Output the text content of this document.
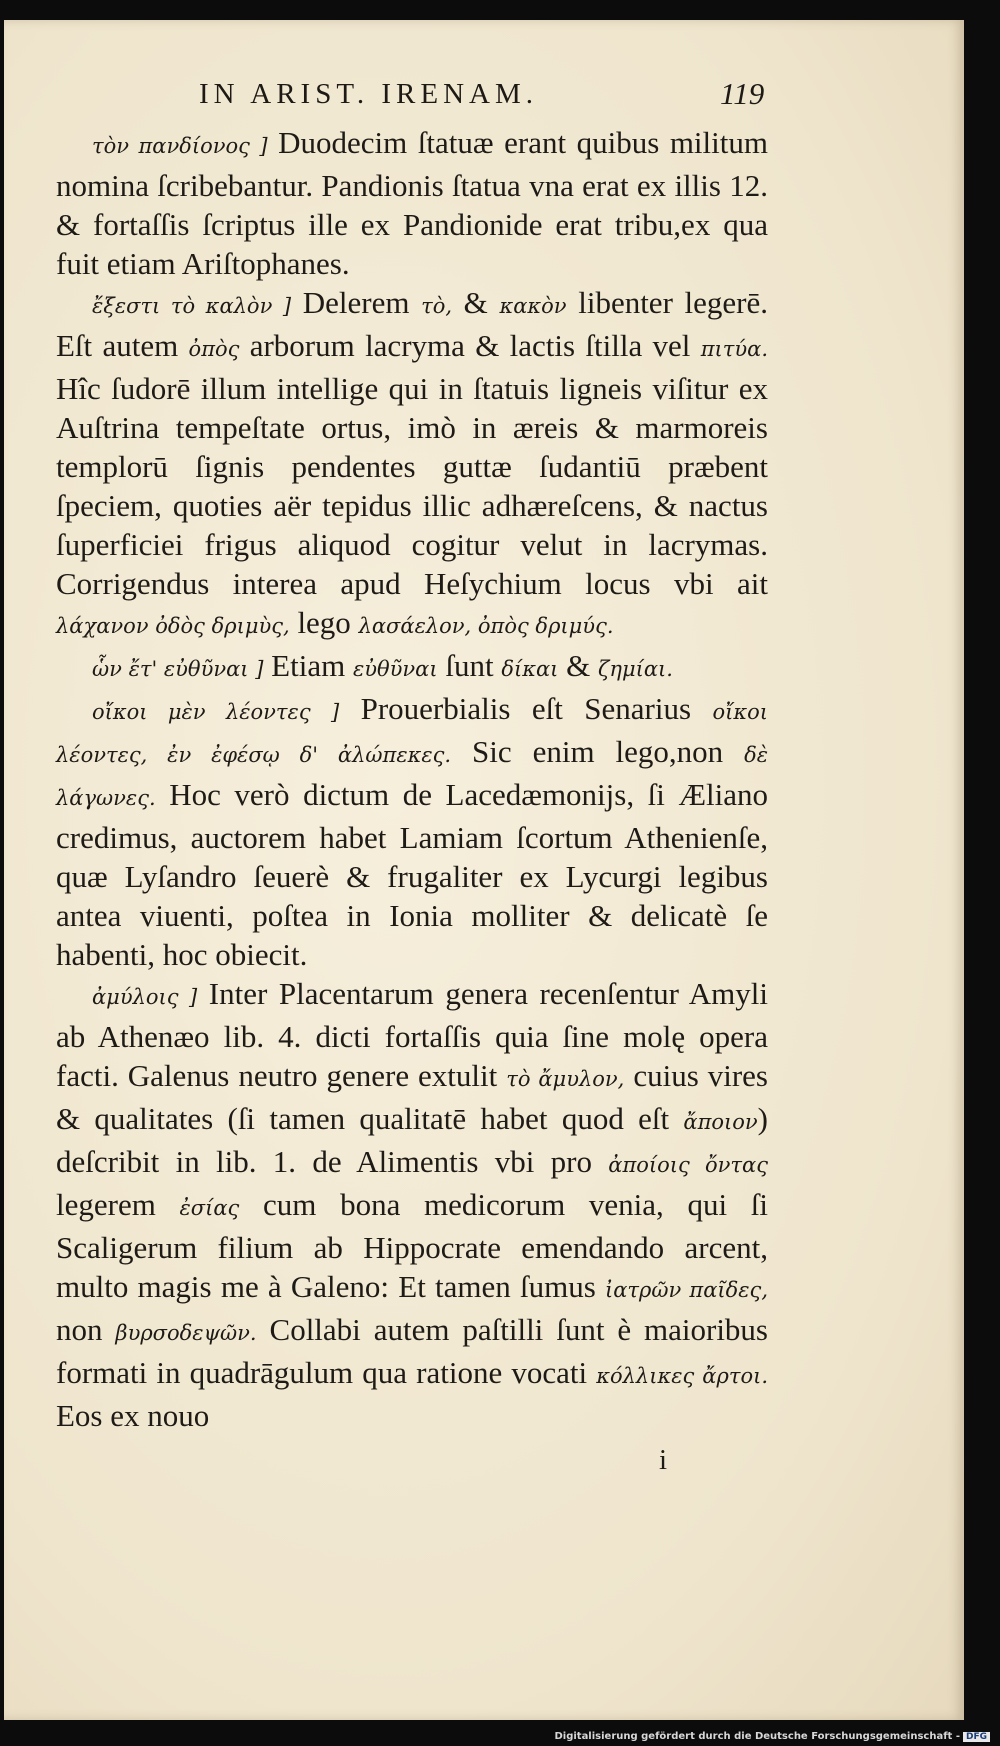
IN ARIST. IRENAM.	119

τὸν πανδίονος ] Duodecim ſtatuæ erant quibus militum nomina ſcribebantur. Pandionis ſtatua vna erat ex illis 12. & fortaſſis ſcriptus ille ex Pandionide erat tribu,ex qua fuit etiam Ariſtophanes.

ἔξεστι τὸ καλὸν ] Delerem τὸ, & κακὸν libenter legerē. Eſt autem ὀπὸς arborum lacryma & lactis ſtilla vel πιτύα. Hîc ſudorē illum intellige qui in ſtatuis ligneis viſitur ex Auſtrina tempeſtate ortus, imò in æreis & marmoreis templorū ſignis pendentes guttæ ſudantiū præbent ſpeciem, quoties aër tepidus illic adhæreſcens, & nactus ſuperficiei frigus aliquod cogitur velut in lacrymas. Corrigendus interea apud Heſychium locus vbi ait λάχανον ὀδὸς δριμὺς, lego λασάελον, ὀπὸς δριμύς.

ὧν ἔτ' εὐθῦναι ] Etiam εὐθῦναι ſunt δίκαι & ζημίαι.

οἴκοι μὲν λέοντες ] Prouerbialis eſt Senarius οἴκοι λέοντες, ἐν ἐφέσῳ δ' ἀλώπεκες. Sic enim lego,non δὲ λάγωνες. Hoc verò dictum de Lacedæmonijs, ſi Æliano credimus, auctorem habet Lamiam ſcortum Athenienſe, quæ Lyſandro ſeuerè & frugaliter ex Lycurgi legibus antea viuenti, poſtea in Ionia molliter & delicatè ſe habenti, hoc obiecit.

ἀμύλοις ] Inter Placentarum genera recenſentur Amyli ab Athenæo lib. 4. dicti fortaſſis quia ſine molę opera facti. Galenus neutro genere extulit τὸ ἄμυλον, cuius vires & qualitates (ſi tamen qualitatē habet quod eſt ἄποιον) deſcribit in lib. 1. de Alimentis vbi pro ἀποίοις ὄντας legerem ἐσίας cum bona medicorum venia, qui ſi Scaligerum filium ab Hippocrate emendando arcent, multo magis me à Galeno: Et tamen ſumus ἰατρῶν παῖδες, non βυρσοδεψῶν. Collabi autem paſtilli ſunt è maioribus formati in quadrāgulum qua ratione vocati κόλλικες ἄρτοι. Eos ex nouo

i
Digitalisierung gefördert durch die Deutsche Forschungsgemeinschaft - DFG
